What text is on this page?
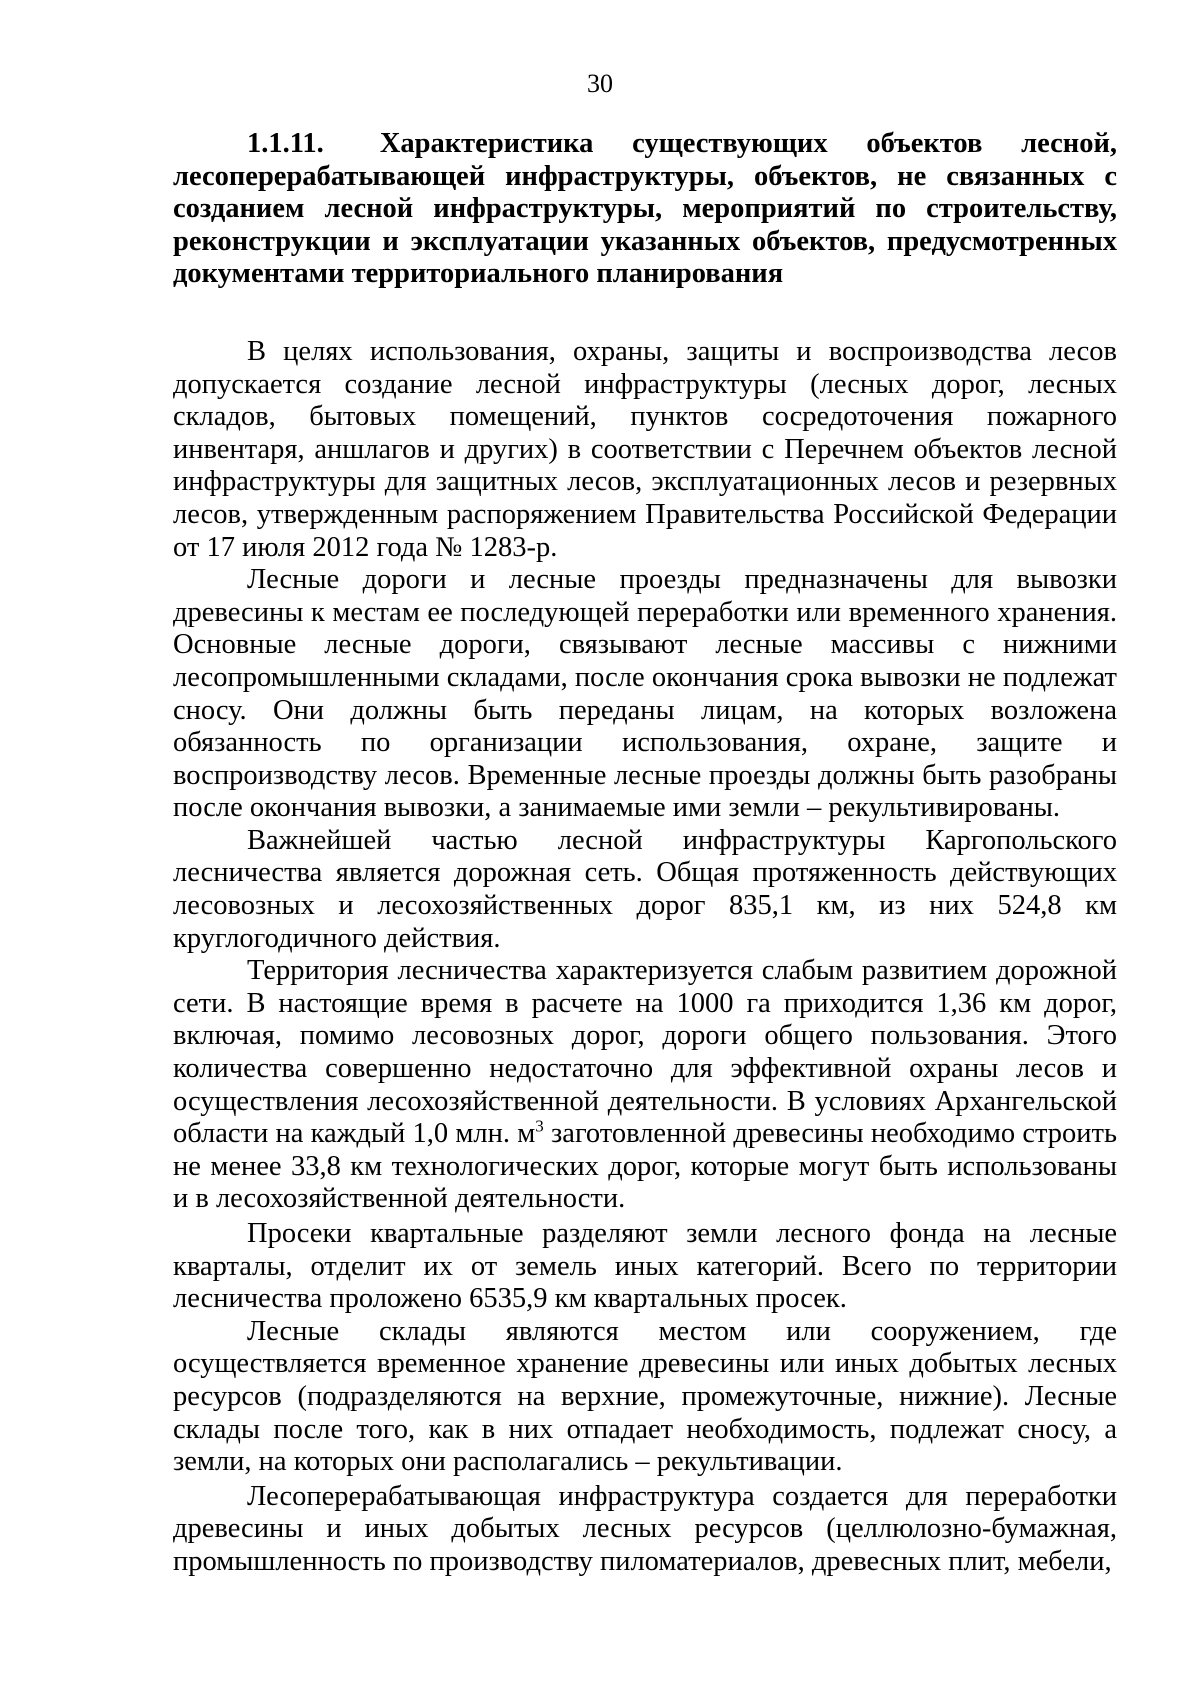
30
1.1.11. Характеристика существующих объектов лесной,
лесоперерабатывающей инфраструктуры, объектов, не связанных с созданием лесной инфраструктуры, мероприятий по строительству, реконструкции и эксплуатации указанных объектов, предусмотренных документами территориального планирования

В целях использования, охраны, защиты и воспроизводства лесов допускается создание лесной инфраструктуры (лесных дорог, лесных складов, бытовых помещений, пунктов сосредоточения пожарного инвентаря, аншлагов и других) в соответствии с Перечнем объектов лесной инфраструктуры для защитных лесов, эксплуатационных лесов и резервных лесов, утвержденным распоряжением Правительства Российской Федерации от 17 июля 2012 года № 1283-р.

Лесные дороги и лесные проезды предназначены для вывозки древесины к местам ее последующей переработки или временного хранения. Основные лесные дороги, связывают лесные массивы с нижними лесопромышленными складами, после окончания срока вывозки не подлежат сносу. Они должны быть переданы лицам, на которых возложена обязанность по организации использования, охране, защите и воспроизводству лесов. Временные лесные проезды должны быть разобраны после окончания вывозки, а занимаемые ими земли – рекультивированы.

Важнейшей частью лесной инфраструктуры Каргопольского лесничества является дорожная сеть. Общая протяженность действующих лесовозных и лесохозяйственных дорог 835,1 км, из них 524,8 км круглогодичного действия.

Территория лесничества характеризуется слабым развитием дорожной сети. В настоящие время в расчете на 1000 га приходится 1,36 км дорог, включая, помимо лесовозных дорог, дороги общего пользования. Этого количества совершенно недостаточно для эффективной охраны лесов и осуществления лесохозяйственной деятельности. В условиях Архангельской области на каждый 1,0 млн. $м^3$ заготовленной древесины необходимо строить не менее 33,8 км технологических дорог, которые могут быть использованы и в лесохозяйственной деятельности.

Просеки квартальные разделяют земли лесного фонда на лесные кварталы, отделит их от земель иных категорий. Всего по территории лесничества проложено 6535,9 км квартальных просек.

Лесные склады являются местом или сооружением, где осуществляется временное хранение древесины или иных добытых лесных ресурсов (подразделяются на верхние, промежуточные, нижние). Лесные склады после того, как в них отпадает необходимость, подлежат сносу, а земли, на которых они располагались – рекультивации.

Лесоперерабатывающая инфраструктура создается для переработки древесины и иных добытых лесных ресурсов (целлюлозно-бумажная, промышленность по производству пиломатериалов, древесных плит, мебели,
